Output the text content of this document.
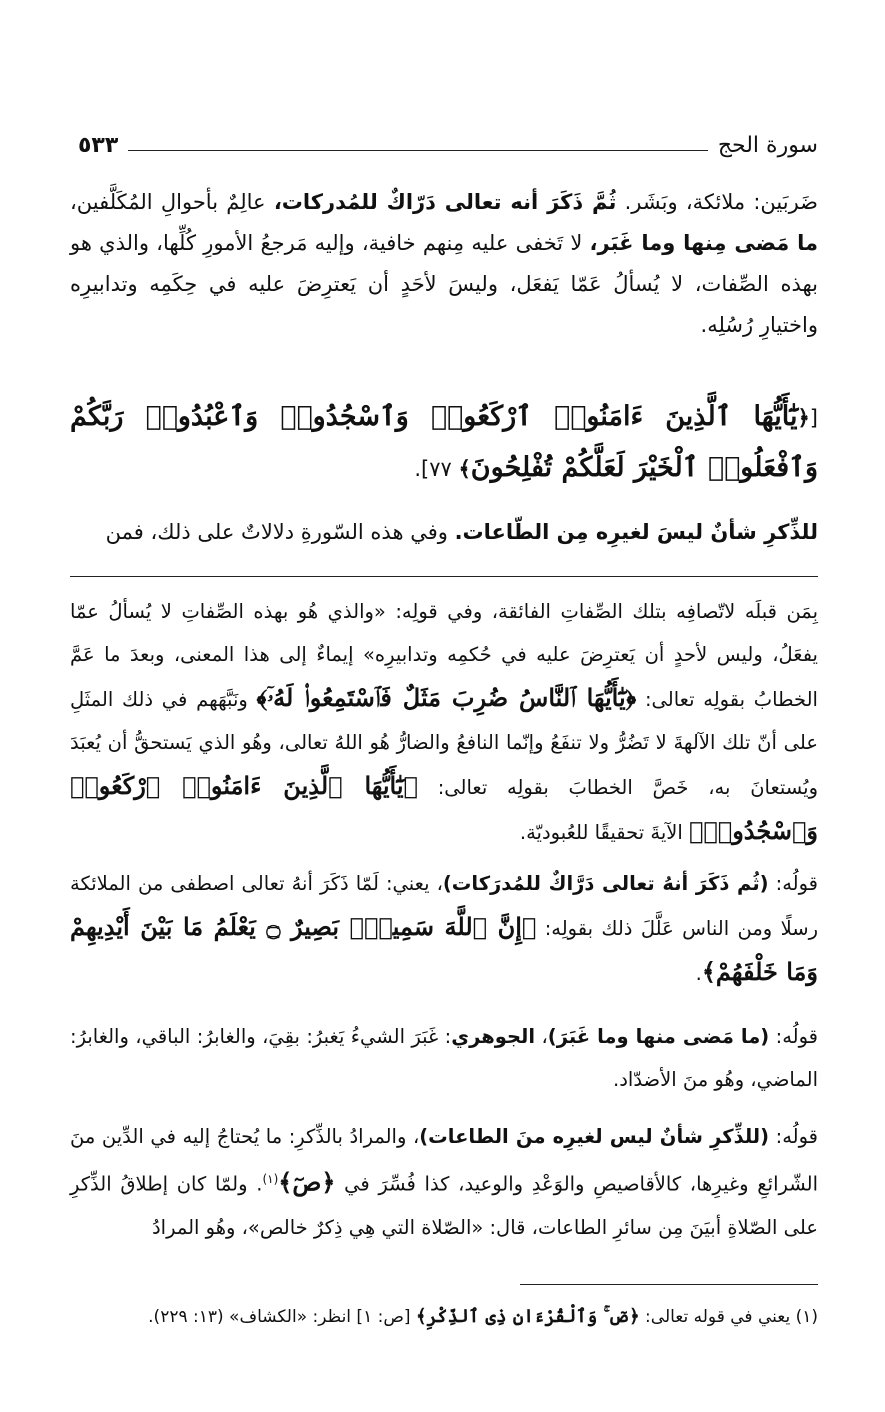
سورة الحج
٥٣٣

ضَربَين: ملائكة، وبَشَر. ثُمَّ ذَكَرَ أنه تعالى دَرّاكٌ للمُدركات، عالِمٌ بأحوالِ المُكَلَّفين، ما مَضى مِنها وما غَبَر، لا تَخفى عليه مِنهم خافية، وإليه مَرجعُ الأمورِ كُلِّها، والذي هو بهذه الصِّفات، لا يُسألُ عَمّا يَفعَل، وليسَ لأحَدٍ أن يَعترِضَ عليه في حِكَمِه وتدابيرِه واختيارِ رُسُلِه.

[﴿يَٰٓأَيُّهَا ٱلَّذِينَ ءَامَنُوا۟ ٱرْكَعُوا۟ وَٱسْجُدُوا۟ وَٱعْبُدُوا۟ رَبَّكُمْ وَٱفْعَلُوا۟ ٱلْخَيْرَ لَعَلَّكُمْ تُفْلِحُونَ﴾ ٧٧].

للذِّكرِ شأنٌ ليسَ لغيرِه مِن الطّاعات. وفي هذه السّورةِ دلالاتٌ على ذلك، فمن

بِمَن قبلَه لاتّصافِه بتلك الصِّفاتِ الفائقة، وفي قولِه: «والذي هُو بهذه الصِّفاتِ لا يُسألُ عمّا يفعَلُ، وليس لأحدٍ أن يَعترِضَ عليه في حُكمِه وتدابيرِه» إيماءٌ إلى هذا المعنى، وبعدَ ما عَمَّ الخطابُ بقولِه تعالى: ﴿يَٰٓأَيُّهَا ٱلنَّاسُ ضُرِبَ مَثَلٌ فَٱسْتَمِعُوا۟ لَهُۥٓ﴾ ونَبَّهَهم في ذلك المثَلِ على أنّ تلك الآلهةَ لا تَضُرُّ ولا تنفَعُ وإنّما النافعُ والضارُّ هُو اللهُ تعالى، وهُو الذي يَستحقُّ أن يُعبَدَ ويُستعانَ به، خَصَّ الخطابَ بقولِه تعالى: ﴿يَٰٓأَيُّهَا ٱلَّذِينَ ءَامَنُوا۟ ٱرْكَعُوا۟ وَٱسْجُدُوا۟﴾ الآيةَ تحقيقًا للعُبوديّة.

قولُه: (ثُم ذَكَرَ أنهُ تعالى دَرَّاكٌ للمُدرَكات)، يعني: لَمّا ذَكَرَ أنهُ تعالى اصطفى من الملائكة رسلًا ومن الناس عَلَّلَ ذلك بقولِه: ﴿إِنَّ ٱللَّهَ سَمِيعٌۢ بَصِيرٌ ۝ يَعْلَمُ مَا بَيْنَ أَيْدِيهِمْ وَمَا خَلْفَهُمْ﴾.

قولُه: (ما مَضى منها وما غَبَرَ)، الجوهري: غَبَرَ الشيءُ يَغبرُ: بقِيَ، والغابرُ: الباقي، والغابرُ: الماضي، وهُو منَ الأضدّاد.

قولُه: (للذِّكرِ شأنٌ ليس لغيرِه منَ الطاعات)، والمرادُ بالذِّكرِ: ما يُحتاجُ إليه في الدِّين منَ الشّرائعِ وغيرِها، كالأقاصيصِ والوَعْدِ والوعيد، كذا فُسِّرَ في ﴿صٓ﴾$^{(١)}$. ولمّا كان إطلاقُ الذِّكرِ على الصّلاةِ أبيَنَ مِن سائرِ الطاعات، قال: «الصّلاة التي هِي ذِكرٌ خالص»، وهُو المرادُ

(١) يعني في قوله تعالى: ﴿صٓ ۚ وَٱلْقُرْءَانِ ذِى ٱلذِّكْرِ﴾ [ص: ١] انظر: «الكشاف» (١٣: ٢٢٩).
